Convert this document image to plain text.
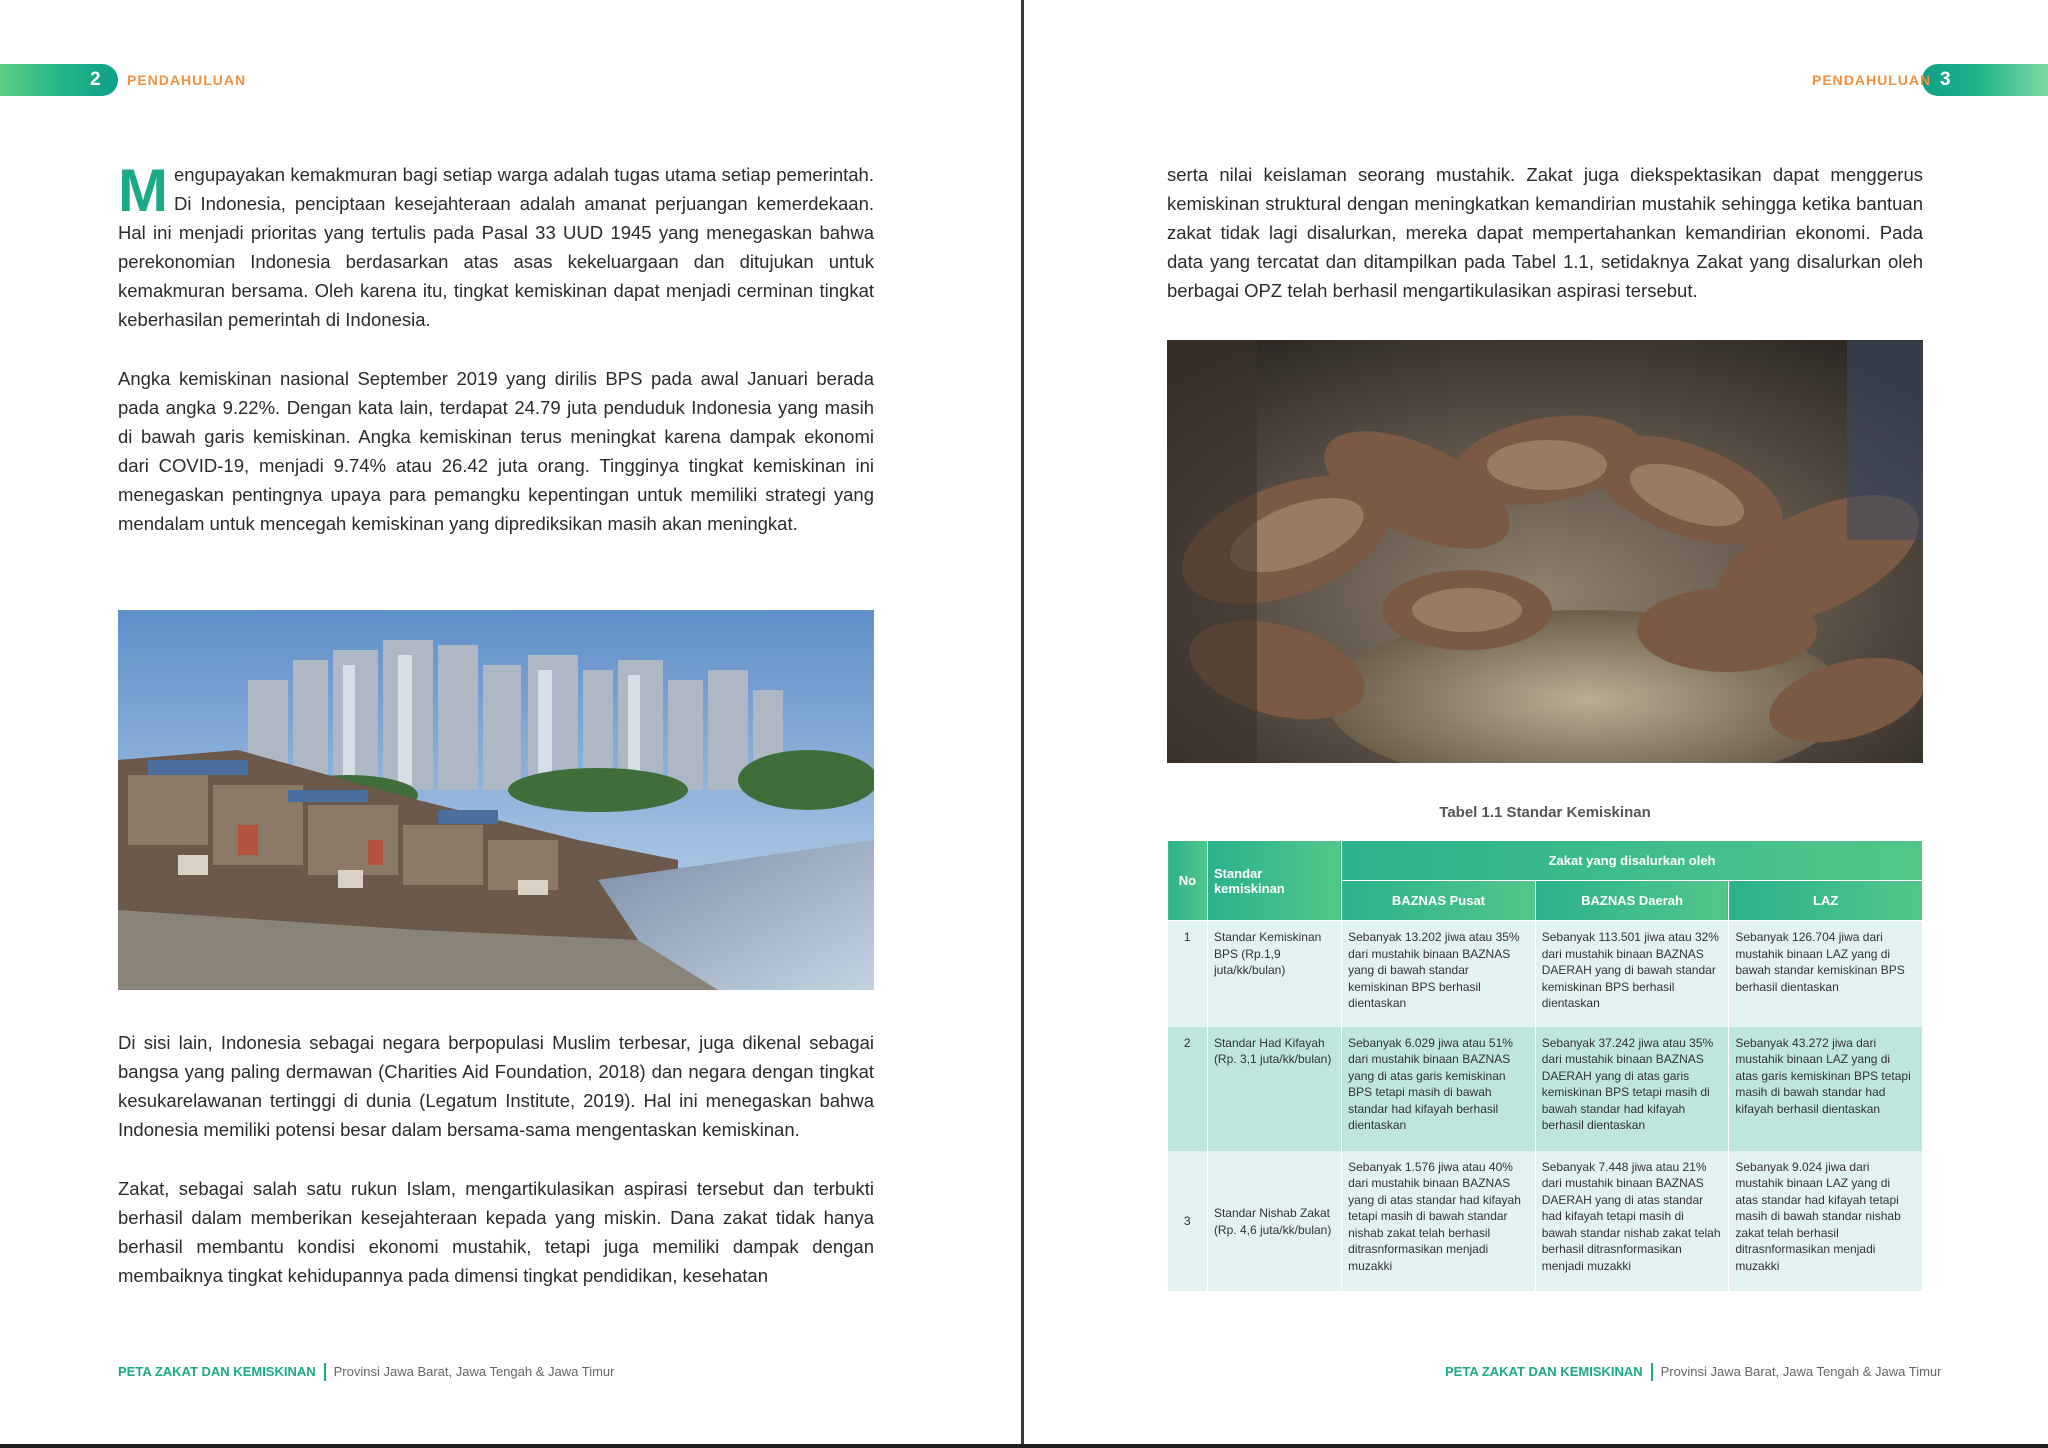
2 PENDAHULUAN

Mengupayakan kemakmuran bagi setiap warga adalah tugas utama setiap pemerintah. Di Indonesia, penciptaan kesejahteraan adalah amanat perjuangan kemerdekaan. Hal ini menjadi prioritas yang tertulis pada Pasal 33 UUD 1945 yang menegaskan bahwa perekonomian Indonesia berdasarkan atas asas kekeluargaan dan ditujukan untuk kemakmuran bersama. Oleh karena itu, tingkat kemiskinan dapat menjadi cerminan tingkat keberhasilan pemerintah di Indonesia.

Angka kemiskinan nasional September 2019 yang dirilis BPS pada awal Januari berada pada angka 9.22%. Dengan kata lain, terdapat 24.79 juta penduduk Indonesia yang masih di bawah garis kemiskinan. Angka kemiskinan terus meningkat karena dampak ekonomi dari COVID-19, menjadi 9.74% atau 26.42 juta orang. Tingginya tingkat kemiskinan ini menegaskan pentingnya upaya para pemangku kepentingan untuk memiliki strategi yang mendalam untuk mencegah kemiskinan yang diprediksikan masih akan meningkat.

Di sisi lain, Indonesia sebagai negara berpopulasi Muslim terbesar, juga dikenal sebagai bangsa yang paling dermawan (Charities Aid Foundation, 2018) dan negara dengan tingkat kesukarelawanan tertinggi di dunia (Legatum Institute, 2019). Hal ini menegaskan bahwa Indonesia memiliki potensi besar dalam bersama-sama mengentaskan kemiskinan.

Zakat, sebagai salah satu rukun Islam, mengartikulasikan aspirasi tersebut dan terbukti berhasil dalam memberikan kesejahteraan kepada yang miskin. Dana zakat tidak hanya berhasil membantu kondisi ekonomi mustahik, tetapi juga memiliki dampak dengan membaiknya tingkat kehidupannya pada dimensi tingkat pendidikan, kesehatan

PETA ZAKAT DAN KEMISKINAN Provinsi Jawa Barat, Jawa Tengah & Jawa Timur
PENDAHULUAN 3

serta nilai keislaman seorang mustahik. Zakat juga diekspektasikan dapat menggerus kemiskinan struktural dengan meningkatkan kemandirian mustahik sehingga ketika bantuan zakat tidak lagi disalurkan, mereka dapat mempertahankan kemandirian ekonomi. Pada data yang tercatat dan ditampilkan pada Tabel 1.1, setidaknya Zakat yang disalurkan oleh berbagai OPZ telah berhasil mengartikulasikan aspirasi tersebut.

Tabel 1.1 Standar Kemiskinan
No	Standar kemiskinan	Zakat yang disalurkan oleh		
		BAZNAS Pusat	BAZNAS Daerah	LAZ
1	Standar Kemiskinan BPS (Rp.1,9 juta/kk/bulan)	Sebanyak 13.202 jiwa atau 35% dari mustahik binaan BAZNAS yang di bawah standar kemiskinan BPS berhasil dientaskan	Sebanyak 113.501 jiwa atau 32% dari mustahik binaan BAZNAS DAERAH yang di bawah standar kemiskinan BPS berhasil dientaskan	Sebanyak 126.704 jiwa dari mustahik binaan LAZ yang di bawah standar kemiskinan BPS berhasil dientaskan
2	Standar Had Kifayah (Rp. 3,1 juta/kk/bulan)	Sebanyak 6.029 jiwa atau 51% dari mustahik binaan BAZNAS yang di atas garis kemiskinan BPS tetapi masih di bawah standar had kifayah berhasil dientaskan	Sebanyak 37.242 jiwa atau 35% dari mustahik binaan BAZNAS DAERAH yang di atas garis kemiskinan BPS tetapi masih di bawah standar had kifayah berhasil dientaskan	Sebanyak 43.272 jiwa dari mustahik binaan LAZ yang di atas garis kemiskinan BPS tetapi masih di bawah standar had kifayah berhasil dientaskan
3	Standar Nishab Zakat (Rp. 4,6 juta/kk/bulan)	Sebanyak 1.576 jiwa atau 40% dari mustahik binaan BAZNAS yang di atas standar had kifayah tetapi masih di bawah standar nishab zakat telah berhasil ditrasnformasikan menjadi muzakki	Sebanyak 7.448 jiwa atau 21% dari mustahik binaan BAZNAS DAERAH yang di atas standar had kifayah tetapi masih di bawah standar nishab zakat telah berhasil ditrasnformasikan menjadi muzakki	Sebanyak 9.024 jiwa dari mustahik binaan LAZ yang di atas standar had kifayah tetapi masih di bawah standar nishab zakat telah berhasil ditrasnformasikan menjadi muzakki
PETA ZAKAT DAN KEMISKINAN Provinsi Jawa Barat, Jawa Tengah & Jawa Timur
